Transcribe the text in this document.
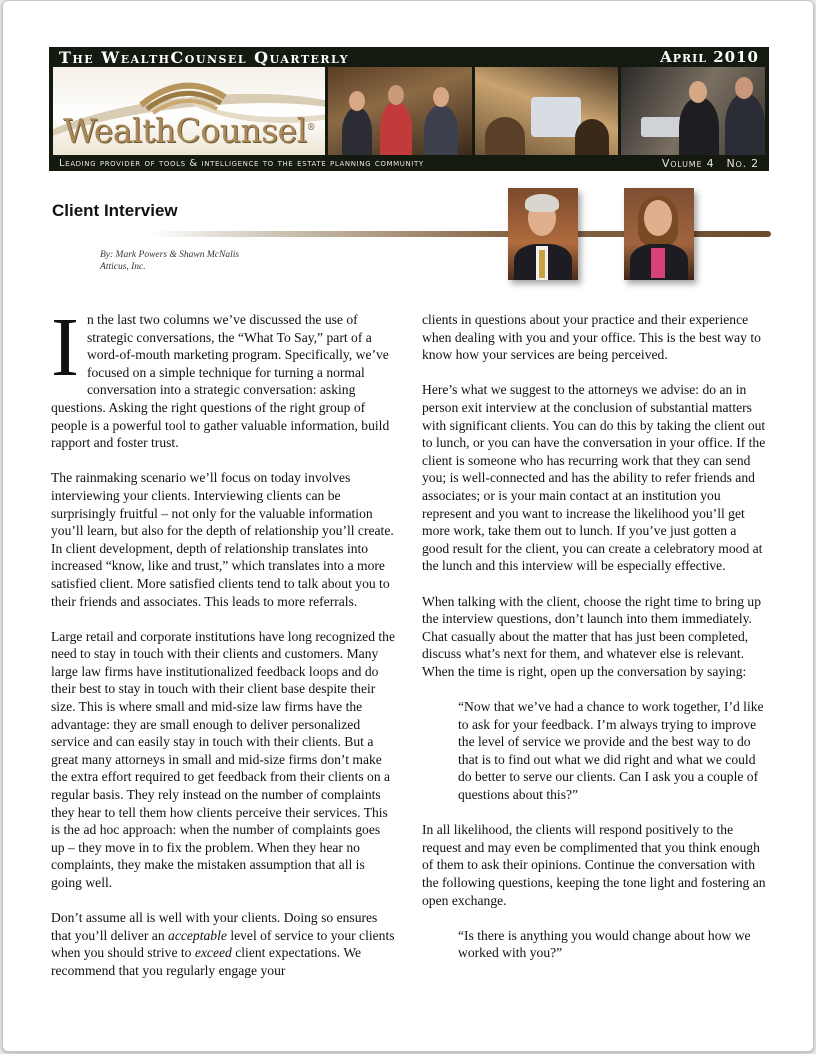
The WealthCounsel Quarterly	April 2010
WealthCounsel®
Leading provider of tools & intelligence to the estate planning community	Volume 4 No. 2
Client Interview
By: Mark Powers & Shawn McNalis
Atticus, Inc.

In the last two columns we’ve discussed the use of strategic conversations, the “What To Say,” part of a word-of-mouth marketing program. Specifically, we’ve focused on a simple technique for turning a normal conversation into a strategic conversation: asking questions. Asking the right questions of the right group of people is a powerful tool to gather valuable information, build rapport and foster trust.

The rainmaking scenario we’ll focus on today involves interviewing your clients. Interviewing clients can be surprisingly fruitful – not only for the valuable information you’ll learn, but also for the depth of relationship you’ll create. In client development, depth of relationship translates into increased “know, like and trust,” which translates into a more satisfied client. More satisfied clients tend to talk about you to their friends and associates. This leads to more referrals.

Large retail and corporate institutions have long recognized the need to stay in touch with their clients and customers. Many large law firms have institutionalized feedback loops and do their best to stay in touch with their client base despite their size. This is where small and mid-size law firms have the advantage: they are small enough to deliver personalized service and can easily stay in touch with their clients. But a great many attorneys in small and mid-size firms don’t make the extra effort required to get feedback from their clients on a regular basis. They rely instead on the number of complaints they hear to tell them how clients perceive their services. This is the ad hoc approach: when the number of complaints goes up – they move in to fix the problem. When they hear no complaints, they make the mistaken assumption that all is going well.

Don’t assume all is well with your clients. Doing so ensures that you’ll deliver an acceptable level of service to your clients when you should strive to exceed client expectations. We recommend that you regularly engage your

clients in questions about your practice and their experience when dealing with you and your office. This is the best way to know how your services are being perceived.

Here’s what we suggest to the attorneys we advise: do an in person exit interview at the conclusion of substantial matters with significant clients. You can do this by taking the client out to lunch, or you can have the conversation in your office. If the client is someone who has recurring work that they can send you; is well-connected and has the ability to refer friends and associates; or is your main contact at an institution you represent and you want to increase the likelihood you’ll get more work, take them out to lunch. If you’ve just gotten a good result for the client, you can create a celebratory mood at the lunch and this interview will be especially effective.

When talking with the client, choose the right time to bring up the interview questions, don’t launch into them immediately. Chat casually about the matter that has just been completed, discuss what’s next for them, and whatever else is relevant. When the time is right, open up the conversation by saying:

“Now that we’ve had a chance to work together, I’d like to ask for your feedback. I’m always trying to improve the level of service we provide and the best way to do that is to find out what we did right and what we could do better to serve our clients. Can I ask you a couple of questions about this?”

In all likelihood, the clients will respond positively to the request and may even be complimented that you think enough of them to ask their opinions. Continue the conversation with the following questions, keeping the tone light and fostering an open exchange.

“Is there is anything you would change about how we worked with you?”
